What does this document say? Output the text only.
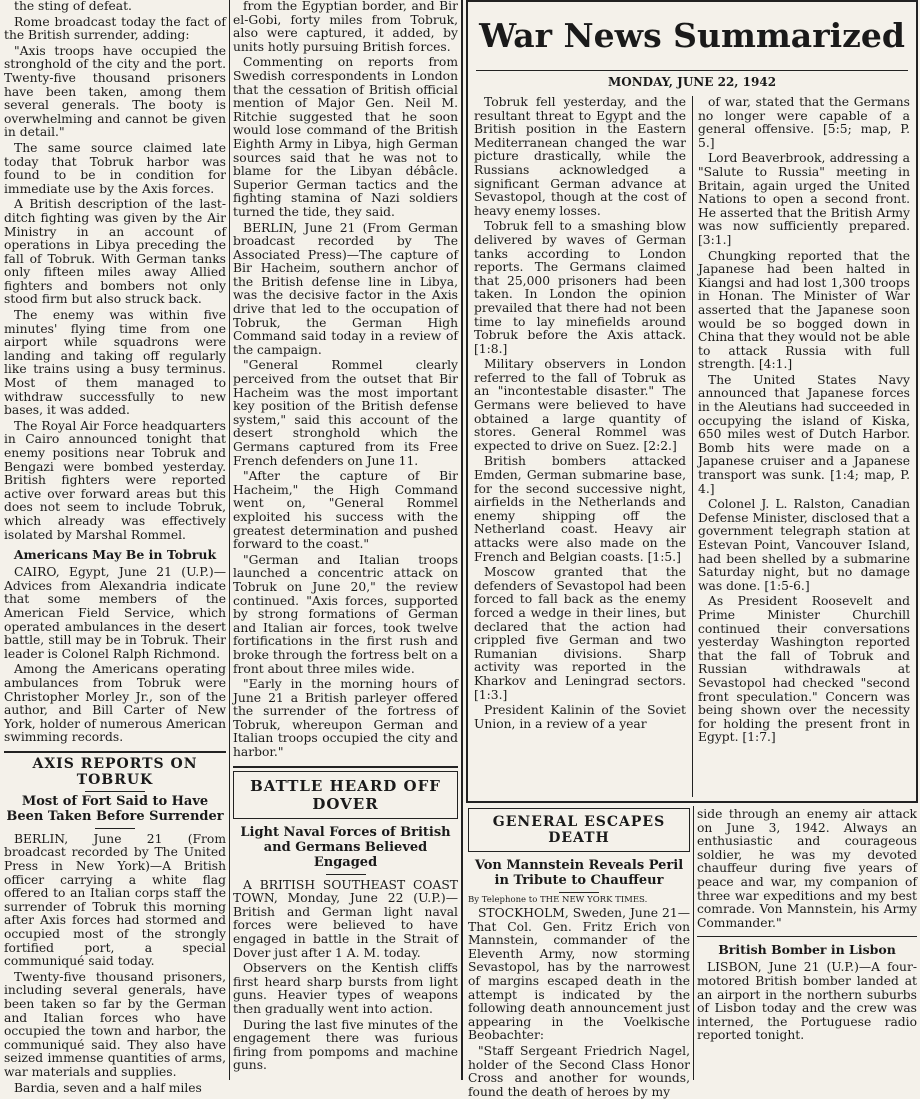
the sting of defeat.

Rome broadcast today the fact of the British surrender, adding:

"Axis troops have occupied the stronghold of the city and the port. Twenty-five thousand prisoners have been taken, among them several generals. The booty is overwhelming and cannot be given in detail."

The same source claimed late today that Tobruk harbor was found to be in condition for immediate use by the Axis forces.

A British description of the last-ditch fighting was given by the Air Ministry in an account of operations in Libya preceding the fall of Tobruk. With German tanks only fifteen miles away Allied fighters and bombers not only stood firm but also struck back.

The enemy was within five minutes' flying time from one airport while squadrons were landing and taking off regularly like trains using a busy terminus. Most of them managed to withdraw successfully to new bases, it was added.

The Royal Air Force headquarters in Cairo announced tonight that enemy positions near Tobruk and Bengazi were bombed yesterday. British fighters were reported active over forward areas but this does not seem to include Tobruk, which already was effectively isolated by Marshal Rommel.

Americans May Be in Tobruk

CAIRO, Egypt, June 21 (U.P.)—Advices from Alexandria indicate that some members of the American Field Service, which operated ambulances in the desert battle, still may be in Tobruk. Their leader is Colonel Ralph Richmond.

Among the Americans operating ambulances from Tobruk were Christopher Morley Jr., son of the author, and Bill Carter of New York, holder of numerous American swimming records.

AXIS REPORTS ON TOBRUK
Most of Fort Said to Have Been Taken Before Surrender

BERLIN, June 21 (From broadcast recorded by The United Press in New York)—A British officer carrying a white flag offered to an Italian corps staff the surrender of Tobruk this morning after Axis forces had stormed and occupied most of the strongly fortified port, a special communiqué said today.

Twenty-five thousand prisoners, including several generals, have been taken so far by the German and Italian forces who have occupied the town and harbor, the communiqué said. They also have seized immense quantities of arms, war materials and supplies.

Bardia, seven and a half miles

from the Egyptian border, and Bir el-Gobi, forty miles from Tobruk, also were captured, it added, by units hotly pursuing British forces.

Commenting on reports from Swedish correspondents in London that the cessation of British official mention of Major Gen. Neil M. Ritchie suggested that he soon would lose command of the British Eighth Army in Libya, high German sources said that he was not to blame for the Libyan débâcle. Superior German tactics and the fighting stamina of Nazi soldiers turned the tide, they said.

BERLIN, June 21 (From German broadcast recorded by The Associated Press)—The capture of Bir Hacheim, southern anchor of the British defense line in Libya, was the decisive factor in the Axis drive that led to the occupation of Tobruk, the German High Command said today in a review of the campaign.

"General Rommel clearly perceived from the outset that Bir Hacheim was the most important key position of the British defense system," said this account of the desert stronghold which the Germans captured from its Free French defenders on June 11.

"After the capture of Bir Hacheim," the High Command went on, "General Rommel exploited his success with the greatest determination and pushed forward to the coast."

"German and Italian troops launched a concentric attack on Tobruk on June 20," the review continued. "Axis forces, supported by strong formations of German and Italian air forces, took twelve fortifications in the first rush and broke through the fortress belt on a front about three miles wide.

"Early in the morning hours of June 21 a British parleyer offered the surrender of the fortress of Tobruk, whereupon German and Italian troops occupied the city and harbor."

BATTLE HEARD OFF DOVER
Light Naval Forces of British and Germans Believed Engaged

A BRITISH SOUTHEAST COAST TOWN, Monday, June 22 (U.P.)—British and German light naval forces were believed to have engaged in battle in the Strait of Dover just after 1 A. M. today.

Observers on the Kentish cliffs first heard sharp bursts from light guns. Heavier types of weapons then gradually went into action.

During the last five minutes of the engagement there was furious firing from pompoms and machine guns.

War News Summarized
MONDAY, JUNE 22, 1942

Tobruk fell yesterday, and the resultant threat to Egypt and the British position in the Eastern Mediterranean changed the war picture drastically, while the Russians acknowledged a significant German advance at Sevastopol, though at the cost of heavy enemy losses.

Tobruk fell to a smashing blow delivered by waves of German tanks according to London reports. The Germans claimed that 25,000 prisoners had been taken. In London the opinion prevailed that there had not been time to lay minefields around Tobruk before the Axis attack. [1:8.]

Military observers in London referred to the fall of Tobruk as an "incontestable disaster." The Germans were believed to have obtained a large quantity of stores. General Rommel was expected to drive on Suez. [2:2.]

British bombers attacked Emden, German submarine base, for the second successive night, airfields in the Netherlands and enemy shipping off the Netherland coast. Heavy air attacks were also made on the French and Belgian coasts. [1:5.]

Moscow granted that the defenders of Sevastopol had been forced to fall back as the enemy forced a wedge in their lines, but declared that the action had crippled five German and two Rumanian divisions. Sharp activity was reported in the Kharkov and Leningrad sectors. [1:3.]

President Kalinin of the Soviet Union, in a review of a year

of war, stated that the Germans no longer were capable of a general offensive. [5:5; map, P. 5.]

Lord Beaverbrook, addressing a "Salute to Russia" meeting in Britain, again urged the United Nations to open a second front. He asserted that the British Army was now sufficiently prepared. [3:1.]

Chungking reported that the Japanese had been halted in Kiangsi and had lost 1,300 troops in Honan. The Minister of War asserted that the Japanese soon would be so bogged down in China that they would not be able to attack Russia with full strength. [4:1.]

The United States Navy announced that Japanese forces in the Aleutians had succeeded in occupying the island of Kiska, 650 miles west of Dutch Harbor. Bomb hits were made on a Japanese cruiser and a Japanese transport was sunk. [1:4; map, P. 4.]

Colonel J. L. Ralston, Canadian Defense Minister, disclosed that a government telegraph station at Estevan Point, Vancouver Island, had been shelled by a submarine Saturday night, but no damage was done. [1:5-6.]

As President Roosevelt and Prime Minister Churchill continued their conversations yesterday Washington reported that the fall of Tobruk and Russian withdrawals at Sevastopol had checked "second front speculation." Concern was being shown over the necessity for holding the present front in Egypt. [1:7.]

GENERAL ESCAPES DEATH
Von Mannstein Reveals Peril in Tribute to Chauffeur
By Telephone to THE NEW YORK TIMES.

STOCKHOLM, Sweden, June 21—That Col. Gen. Fritz Erich von Mannstein, commander of the Eleventh Army, now storming Sevastopol, has by the narrowest of margins escaped death in the attempt is indicated by the following death announcement just appearing in the Voelkische Beobachter:

"Staff Sergeant Friedrich Nagel, holder of the Second Class Honor Cross and another for wounds, found the death of heroes by my

side through an enemy air attack on June 3, 1942. Always an enthusiastic and courageous soldier, he was my devoted chauffeur during five years of peace and war, my companion of three war expeditions and my best comrade. Von Mannstein, his Army Commander."

British Bomber in Lisbon

LISBON, June 21 (U.P.)—A four-motored British bomber landed at an airport in the northern suburbs of Lisbon today and the crew was interned, the Portuguese radio reported tonight.
